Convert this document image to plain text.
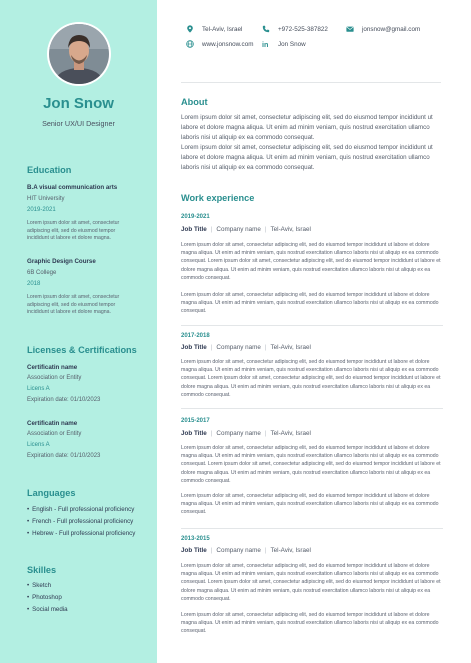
Jon Snow
Senior UX/UI Designer
Education
B.A visual communication arts
HIT University
2019-2021
Lorem ipsum dolor sit amet, consectetur adipiscing elit, sed do eiusmod tempor incididunt ut labore et dolore magna.
Graphic Design Course
6B College
2018
Lorem ipsum dolor sit amet, consectetur adipiscing elit, sed do eiusmod tempor incididunt ut labore et dolore magna.
Licenses & Certifications
Certificatin name
Association or Entity
Licens A
Expiration date: 01/10/2023
Certificatin name
Association or Entity
Licens A
Expiration date: 01/10/2023
Languages
• English - Full professional proficiency
• French - Full professional proficiency
• Hebrew - Full professional proficiency
Skilles
• Sketch
• Photoshop
• Social media
Tel-Aviv, Israel	+972-525-387822	jonsnow@gmail.com
www.jonsnow.com in Jon Snow
About
Lorem ipsum dolor sit amet, consectetur adipiscing elit, sed do eiusmod tempor incididunt ut labore et dolore magna aliqua. Ut enim ad minim veniam, quis nostrud exercitation ullamco laboris nisi ut aliquip ex ea commodo consequat.
Lorem ipsum dolor sit amet, consectetur adipiscing elit, sed do eiusmod tempor incididunt ut labore et dolore magna aliqua. Ut enim ad minim veniam, quis nostrud exercitation ullamco laboris nisi ut aliquip ex ea commodo consequat.
Work experience
2019-2021
Job Title | Company name | Tel-Aviv, Israel
Lorem ipsum dolor sit amet, consectetur adipiscing elit, sed do eiusmod tempor incididunt ut labore et dolore magna aliqua. Ut enim ad minim veniam, quis nostrud exercitation ullamco laboris nisi ut aliquip ex ea commodo consequat. Lorem ipsum dolor sit amet, consectetur adipiscing elit, sed do eiusmod tempor incididunt ut labore et dolore magna aliqua. Ut enim ad minim veniam, quis nostrud exercitation ullamco laboris nisi ut aliquip ex ea commodo consequat.
Lorem ipsum dolor sit amet, consectetur adipiscing elit, sed do eiusmod tempor incididunt ut labore et dolore magna aliqua. Ut enim ad minim veniam, quis nostrud exercitation ullamco laboris nisi ut aliquip ex ea commodo consequat.
2017-2018
Job Title | Company name | Tel-Aviv, Israel
Lorem ipsum dolor sit amet, consectetur adipiscing elit, sed do eiusmod tempor incididunt ut labore et dolore magna aliqua. Ut enim ad minim veniam, quis nostrud exercitation ullamco laboris nisi ut aliquip ex ea commodo consequat. Lorem ipsum dolor sit amet, consectetur adipiscing elit, sed do eiusmod tempor incididunt ut labore et dolore magna aliqua. Ut enim ad minim veniam, quis nostrud exercitation ullamco laboris nisi ut aliquip ex ea commodo consequat.
2015-2017
Job Title | Company name | Tel-Aviv, Israel
Lorem ipsum dolor sit amet, consectetur adipiscing elit, sed do eiusmod tempor incididunt ut labore et dolore magna aliqua. Ut enim ad minim veniam, quis nostrud exercitation ullamco laboris nisi ut aliquip ex ea commodo consequat. Lorem ipsum dolor sit amet, consectetur adipiscing elit, sed do eiusmod tempor incididunt ut labore et dolore magna aliqua. Ut enim ad minim veniam, quis nostrud exercitation ullamco laboris nisi ut aliquip ex ea commodo consequat.
Lorem ipsum dolor sit amet, consectetur adipiscing elit, sed do eiusmod tempor incididunt ut labore et dolore magna aliqua. Ut enim ad minim veniam, quis nostrud exercitation ullamco laboris nisi ut aliquip ex ea commodo consequat.
2013-2015
Job Title | Company name | Tel-Aviv, Israel
Lorem ipsum dolor sit amet, consectetur adipiscing elit, sed do eiusmod tempor incididunt ut labore et dolore magna aliqua. Ut enim ad minim veniam, quis nostrud exercitation ullamco laboris nisi ut aliquip ex ea commodo consequat. Lorem ipsum dolor sit amet, consectetur adipiscing elit, sed do eiusmod tempor incididunt ut labore et dolore magna aliqua. Ut enim ad minim veniam, quis nostrud exercitation ullamco laboris nisi ut aliquip ex ea commodo consequat.
Lorem ipsum dolor sit amet, consectetur adipiscing elit, sed do eiusmod tempor incididunt ut labore et dolore magna aliqua. Ut enim ad minim veniam, quis nostrud exercitation ullamco laboris nisi ut aliquip ex ea commodo consequat.
